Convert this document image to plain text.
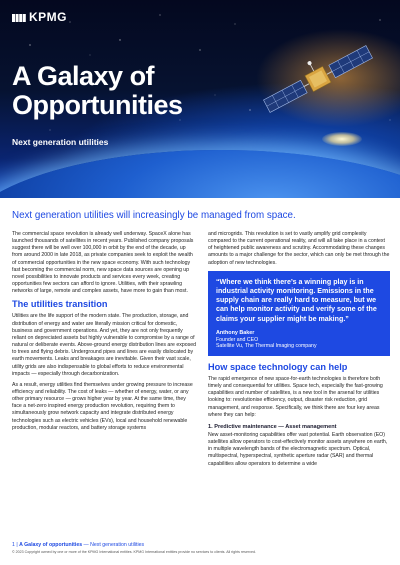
KPMG
A Galaxy of
Opportunities
Next generation utilities
Next generation utilities will increasingly be managed from space.

The commercial space revolution is already well underway. SpaceX alone has launched thousands of satellites in recent years. Published company proposals suggest there will be well over 100,000 in orbit by the end of the decade, up from around 2000 in late 2018, as private companies seek to exploit the wealth of commercial opportunities in the new space economy. With such technology fast becoming the commercial norm, new space data sources are opening up novel possibilities to innovate products and services every week, creating opportunities few sectors can afford to ignore. Utilities, with their sprawling networks of large, remote and complex assets, have more to gain than most.

The utilities transition

Utilities are the life support of the modern state. The production, storage, and distribution of energy and water are literally mission critical for domestic, business and government operations. And yet, they are not only frequently reliant on depreciated assets but highly vulnerable to compromise by a range of natural or deliberate events. Above-ground energy distribution lines are exposed to trees and flying debris. Underground pipes and lines are easily dislocated by earth movements. Leaks and breakages are inevitable. Given their vast scale, utility grids are also indispensable to global efforts to reduce environmental impacts — especially through decarbonization.

As a result, energy utilities find themselves under growing pressure to increase efficiency and reliability. The cost of leaks — whether of energy, water, or any other primary resource — grows higher year by year. At the same time, they face a net-zero inspired energy production revolution, requiring them to simultaneously grow network capacity and integrate distributed energy technologies such as electric vehicles (EVs), local and household renewable production, modular reactors, and battery storage systems

and microgrids. This revolution is set to vastly amplify grid complexity compared to the current operational reality, and will all take place in a context of heightened public awareness and scrutiny. Accommodating these changes amounts to a major challenge for the sector, which can only be met through the adoption of new technologies.

“Where we think there’s a winning play is in industrial activity monitoring. Emissions in the supply chain are really hard to measure, but we can help monitor activity and verify some of the claims your supplier might be making.”
Anthony Baker
Founder and CEO
Satellite Vu, The Thermal Imaging company
How space technology can help

The rapid emergence of new space-for-earth technologies is therefore both timely and consequential for utilities. Space tech, especially the fast-growing capabilities and number of satellites, is a new tool in the arsenal for utilities looking to: revolutionise efficiency, output, disaster risk reduction, grid management, and response. Specifically, we think there are four key areas where they can help:

1. Predictive maintenance — Asset management

New asset-monitoring capabilities offer vast potential. Earth observation (EO) satellites allow operators to cost-effectively monitor assets anywhere on earth, in multiple wavelength bands of the electromagnetic spectrum. Optical, multispectral, hyperspectral, synthetic aperture radar (SAR) and thermal capabilities allow operators to determine a wide

1 | A Galaxy of opportunities — Next generation utilities
© 2023 Copyright owned by one or more of the KPMG International entities. KPMG International entities provide no services to clients. All rights reserved.
